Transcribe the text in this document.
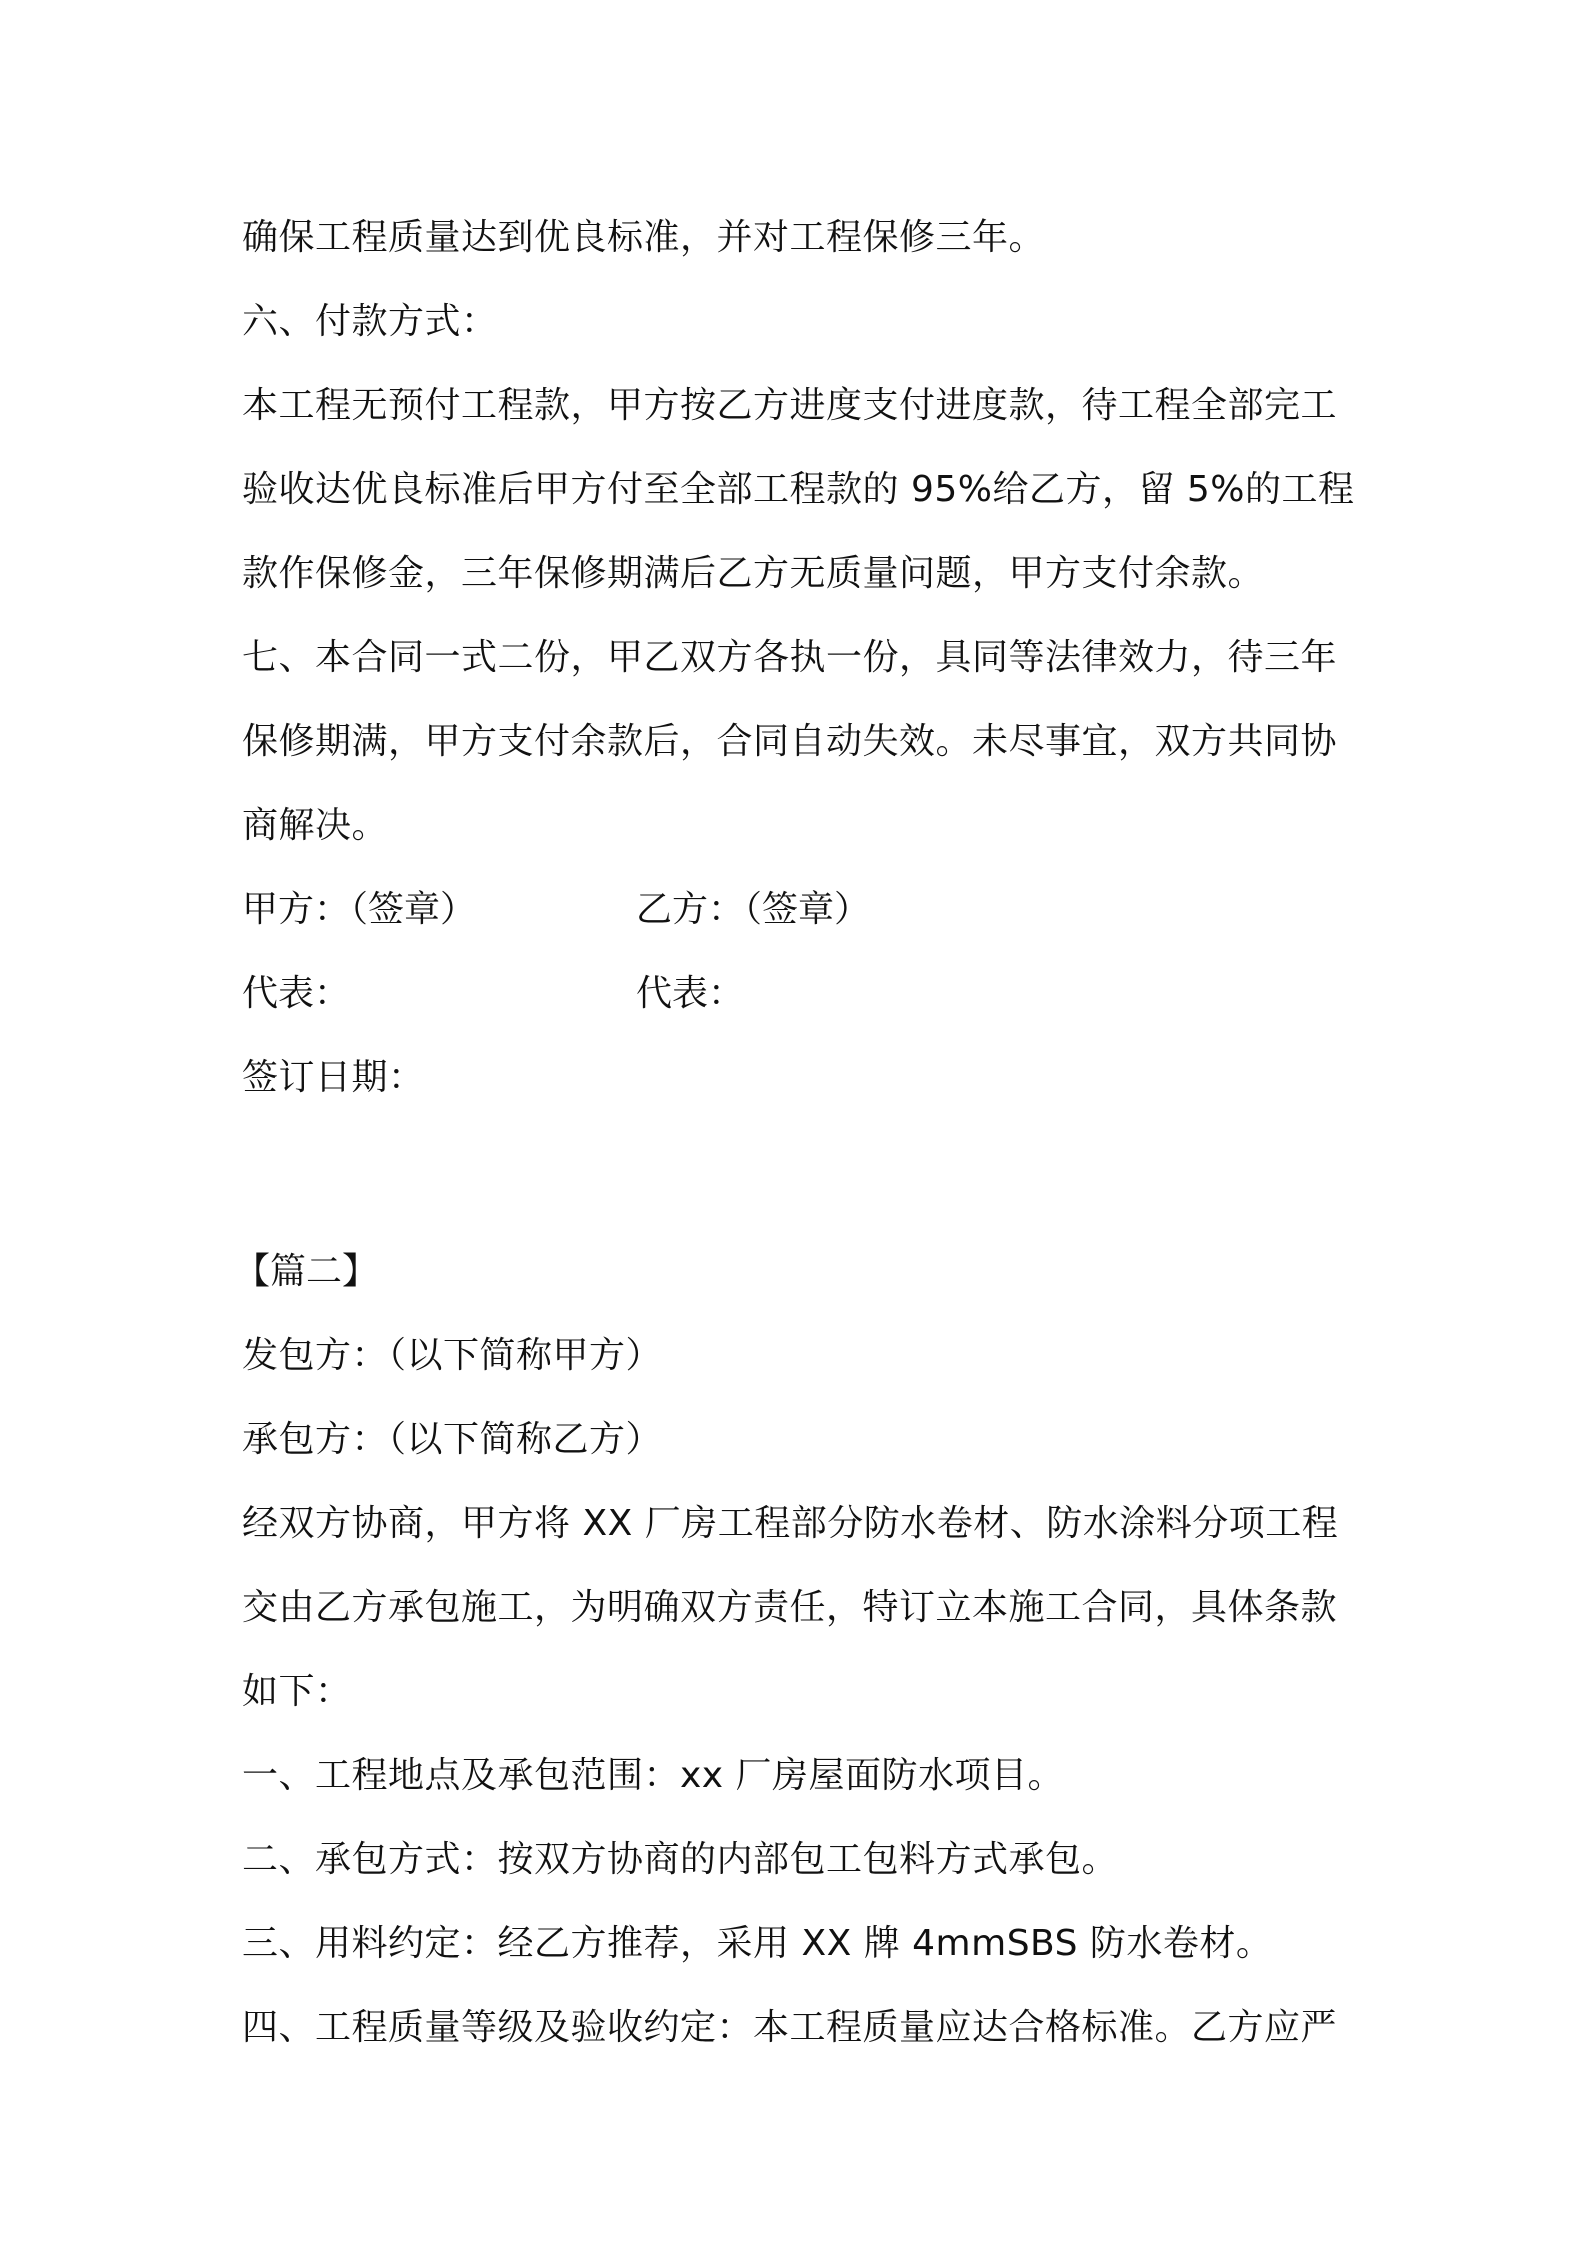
确保工程质量达到优良标准，并对工程保修三年。
六、付款方式：
本工程无预付工程款，甲方按乙方进度支付进度款，待工程全部完工
验收达优良标准后甲方付至全部工程款的 95%给乙方，留 5%的工程
款作保修金，三年保修期满后乙方无质量问题，甲方支付余款。
七、本合同一式二份，甲乙双方各执一份，具同等法律效力，待三年
保修期满，甲方支付余款后，合同自动失效。未尽事宜，双方共同协
商解决。
甲方：（签章）	乙方：（签章）
代表：	代表：
签订日期：
【篇二】
发包方：（以下简称甲方）
承包方：（以下简称乙方）
经双方协商，甲方将 XX 厂房工程部分防水卷材、防水涂料分项工程
交由乙方承包施工，为明确双方责任，特订立本施工合同，具体条款
如下：
一、工程地点及承包范围：xx 厂房屋面防水项目。
二、承包方式：按双方协商的内部包工包料方式承包。
三、用料约定：经乙方推荐，采用 XX 牌 4mmSBS 防水卷材。
四、工程质量等级及验收约定：本工程质量应达合格标准。乙方应严
